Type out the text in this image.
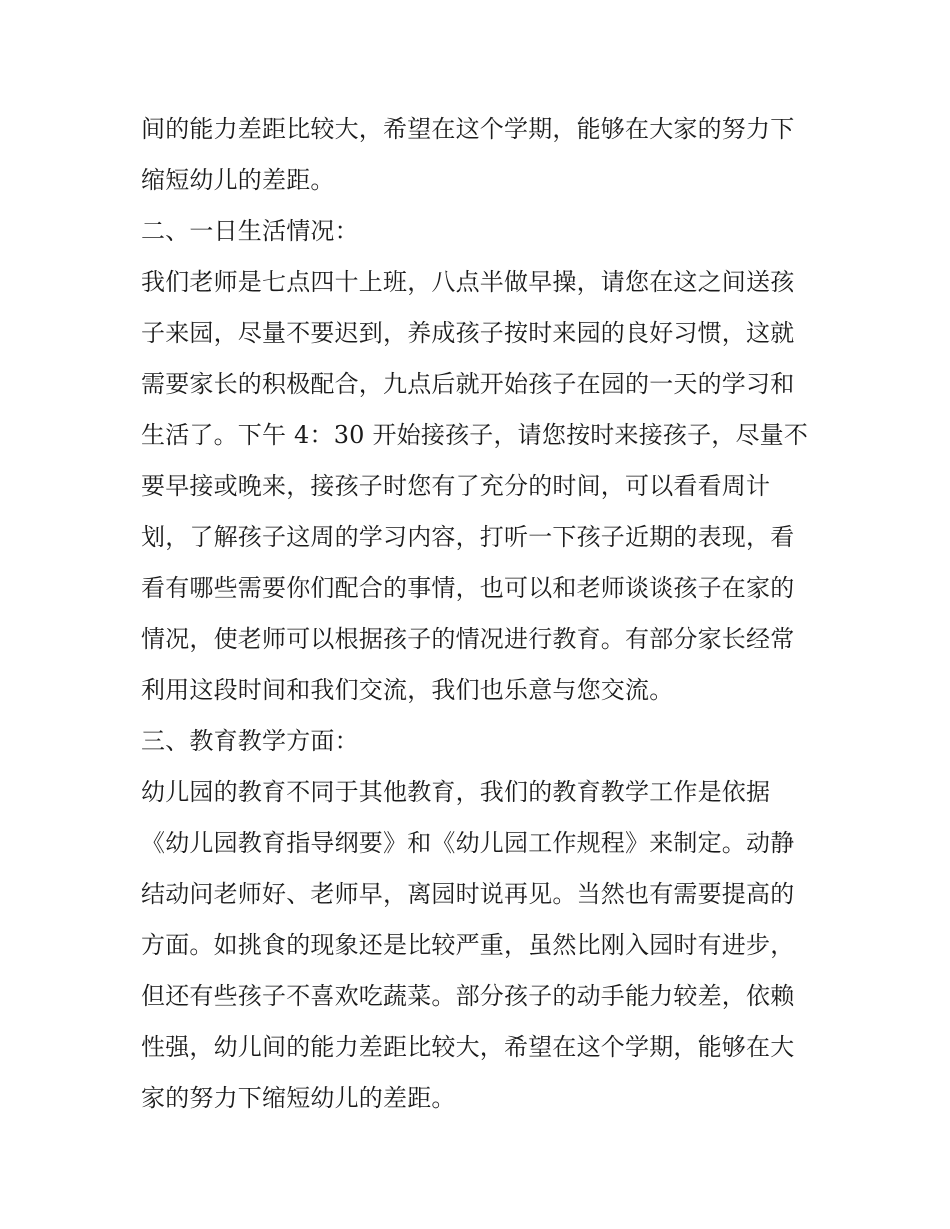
间的能力差距比较大，希望在这个学期，能够在大家的努力下
缩短幼儿的差距。
二、一日生活情况：
我们老师是七点四十上班，八点半做早操，请您在这之间送孩
子来园，尽量不要迟到，养成孩子按时来园的良好习惯，这就
需要家长的积极配合，九点后就开始孩子在园的一天的学习和
生活了。下午 4：30 开始接孩子，请您按时来接孩子，尽量不
要早接或晚来，接孩子时您有了充分的时间，可以看看周计
划，了解孩子这周的学习内容，打听一下孩子近期的表现，看
看有哪些需要你们配合的事情，也可以和老师谈谈孩子在家的
情况，使老师可以根据孩子的情况进行教育。有部分家长经常
利用这段时间和我们交流，我们也乐意与您交流。
三、教育教学方面：
幼儿园的教育不同于其他教育，我们的教育教学工作是依据
《幼儿园教育指导纲要》和《幼儿园工作规程》来制定。动静
结动问老师好、老师早，离园时说再见。当然也有需要提高的
方面。如挑食的现象还是比较严重，虽然比刚入园时有进步，
但还有些孩子不喜欢吃蔬菜。部分孩子的动手能力较差，依赖
性强，幼儿间的能力差距比较大，希望在这个学期，能够在大
家的努力下缩短幼儿的差距。
